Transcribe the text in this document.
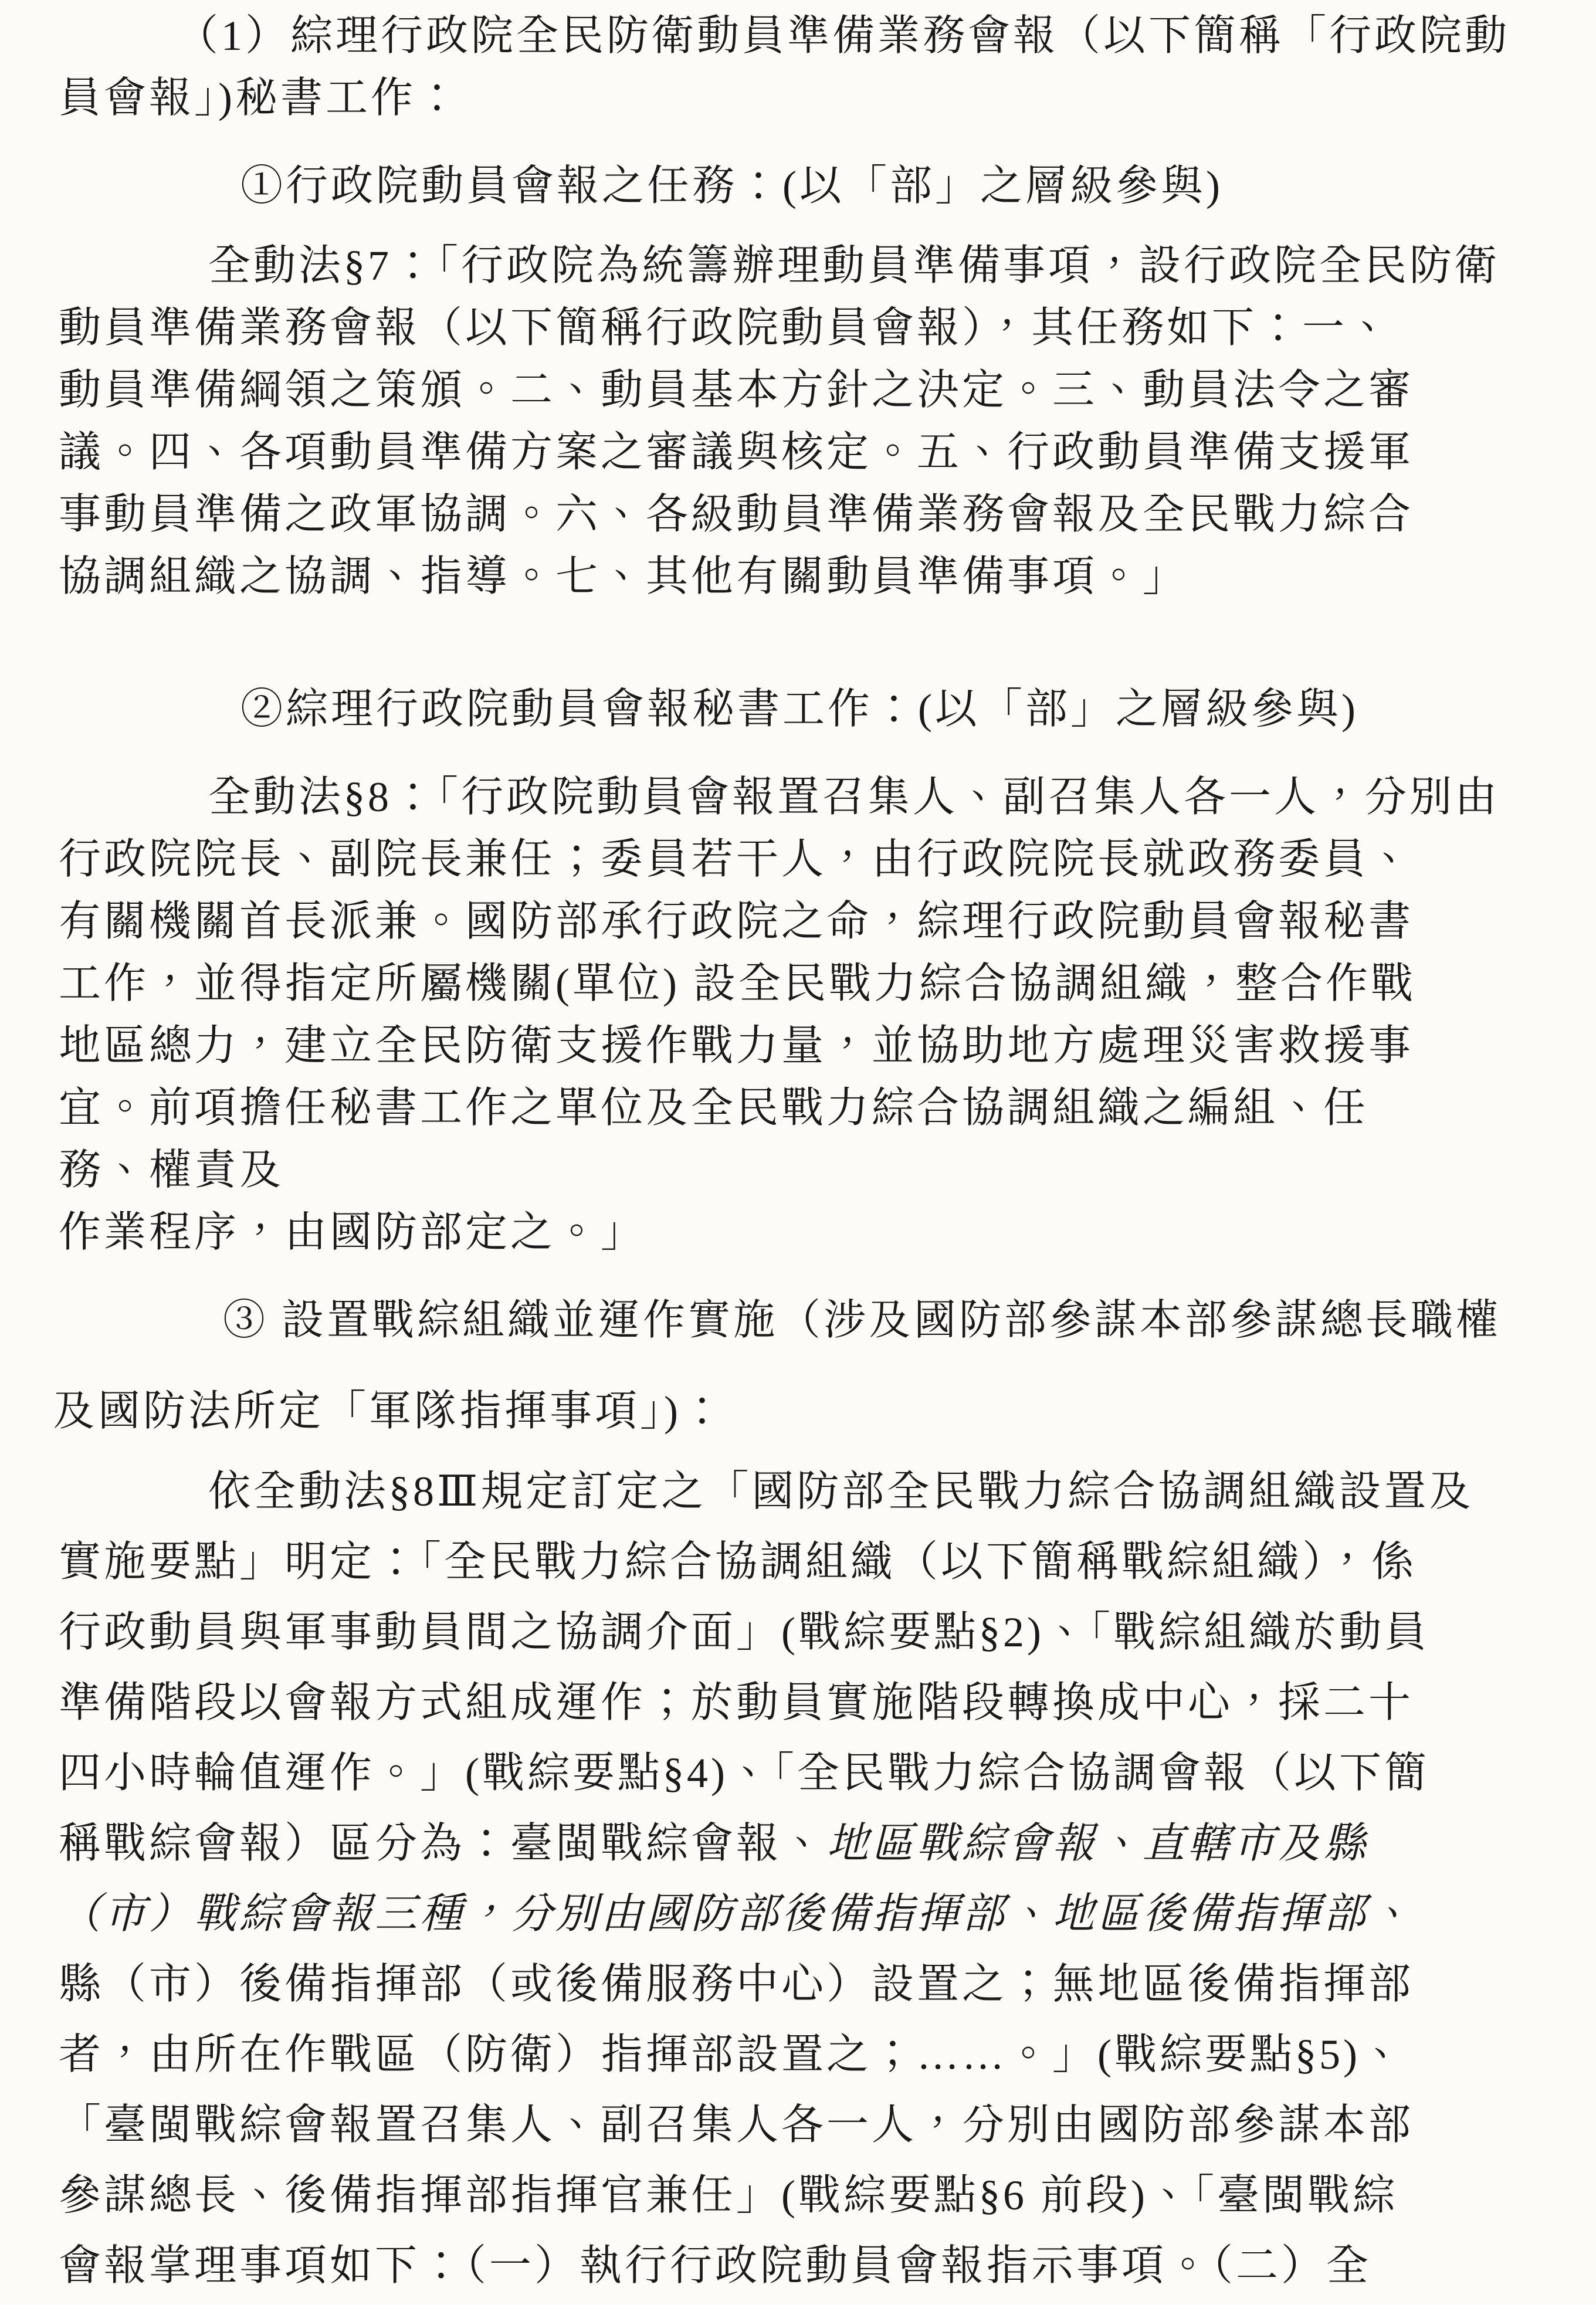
（1）綜理行政院全民防衛動員準備業務會報（以下簡稱「行政院動
員會報」)秘書工作：
①行政院動員會報之任務：(以「部」之層級參與)
全動法§7：「行政院為統籌辦理動員準備事項，設行政院全民防衛
動員準備業務會報（以下簡稱行政院動員會報），其任務如下：一、
動員準備綱領之策頒。二、動員基本方針之決定。三、動員法令之審
議。四、各項動員準備方案之審議與核定。五、行政動員準備支援軍
事動員準備之政軍協調。六、各級動員準備業務會報及全民戰力綜合
協調組織之協調、指導。七、其他有關動員準備事項。」
②綜理行政院動員會報秘書工作：(以「部」之層級參與)
全動法§8：「行政院動員會報置召集人、副召集人各一人，分別由
行政院院長、副院長兼任；委員若干人，由行政院院長就政務委員、
有關機關首長派兼。國防部承行政院之命，綜理行政院動員會報秘書
工作，並得指定所屬機關(單位) 設全民戰力綜合協調組織，整合作戰
地區總力，建立全民防衛支援作戰力量，並協助地方處理災害救援事
宜。前項擔任秘書工作之單位及全民戰力綜合協調組織之編組、任
務、權責及
作業程序，由國防部定之。」
③ 設置戰綜組織並運作實施（涉及國防部參謀本部參謀總長職權
及國防法所定「軍隊指揮事項」)：
依全動法§8Ⅲ規定訂定之「國防部全民戰力綜合協調組織設置及
實施要點」明定：「全民戰力綜合協調組織（以下簡稱戰綜組織），係
行政動員與軍事動員間之協調介面」(戰綜要點§2)、「戰綜組織於動員
準備階段以會報方式組成運作；於動員實施階段轉換成中心，採二十
四小時輪值運作。」(戰綜要點§4)、「全民戰力綜合協調會報（以下簡
稱戰綜會報）區分為：臺閩戰綜會報、地區戰綜會報、直轄市及縣
（市）戰綜會報三種，分別由國防部後備指揮部、地區後備指揮部、
縣（市）後備指揮部（或後備服務中心）設置之；無地區後備指揮部
者，由所在作戰區（防衛）指揮部設置之；……。」(戰綜要點§5)、
「臺閩戰綜會報置召集人、副召集人各一人，分別由國防部參謀本部
參謀總長、後備指揮部指揮官兼任」(戰綜要點§6 前段)、「臺閩戰綜
會報掌理事項如下：（一）執行行政院動員會報指示事項。（二）全
